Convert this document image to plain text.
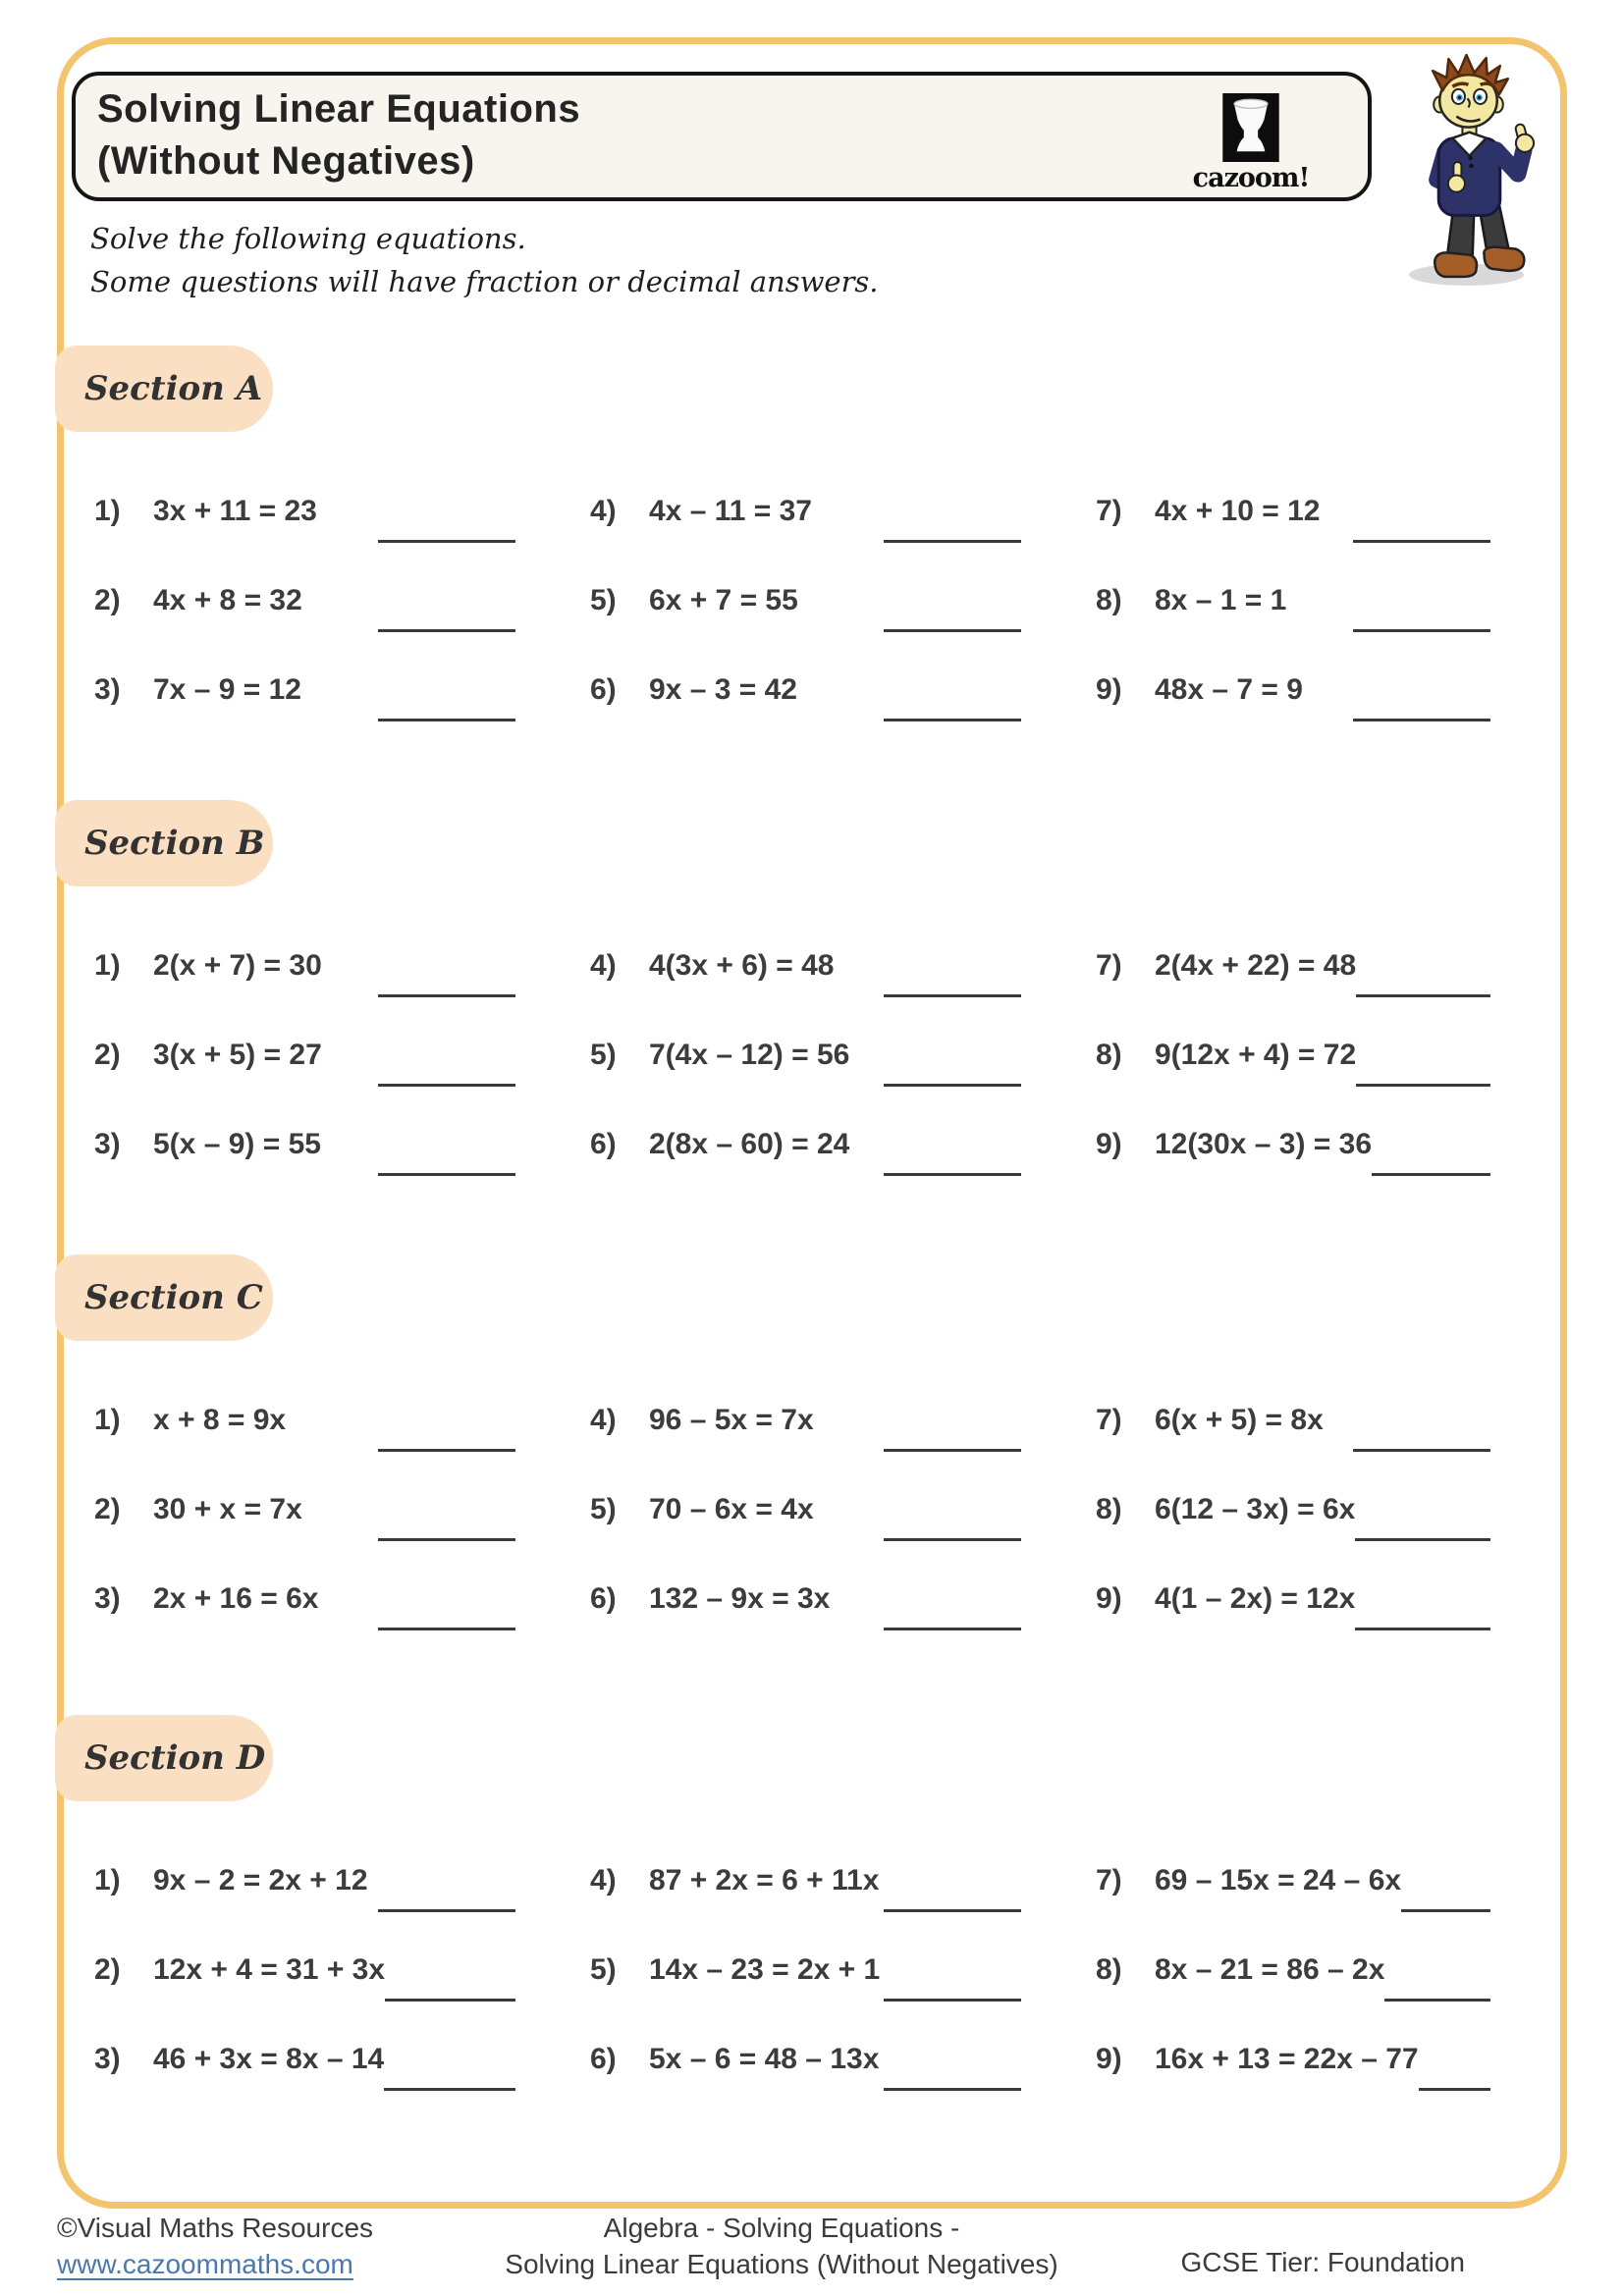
Solving Linear Equations
(Without Negatives)	cazoom!
Solve the following equations.
Some questions will have fraction or decimal answers.
Section A
1)	3x + 11 = 23
2)	4x + 8 = 32
3)	7x – 9 = 12
4)	4x – 11 = 37
5)	6x + 7 = 55
6)	9x – 3 = 42
7)	4x + 10 = 12
8)	8x – 1 = 1
9)	48x – 7 = 9
Section B
1)	2(x + 7) = 30
2)	3(x + 5) = 27
3)	5(x – 9) = 55
4)	4(3x + 6) = 48
5)	7(4x – 12) = 56
6)	2(8x – 60) = 24
7)	2(4x + 22) = 48
8)	9(12x + 4) = 72
9)	12(30x – 3) = 36
Section C
1)	x + 8 = 9x
2)	30 + x = 7x
3)	2x + 16 = 6x
4)	96 – 5x = 7x
5)	70 – 6x = 4x
6)	132 – 9x = 3x
7)	6(x + 5) = 8x
8)	6(12 – 3x) = 6x
9)	4(1 – 2x) = 12x
Section D
1)	9x – 2 = 2x + 12
2)	12x + 4 = 31 + 3x
3)	46 + 3x = 8x – 14
4)	87 + 2x = 6 + 11x
5)	14x – 23 = 2x + 1
6)	5x – 6 = 48 – 13x
7)	69 – 15x = 24 – 6x
8)	8x – 21 = 86 – 2x
9)	16x + 13 = 22x – 77
©Visual Maths Resources
www.cazoommaths.com
Algebra - Solving Equations -
Solving Linear Equations (Without Negatives)	GCSE Tier: Foundation
